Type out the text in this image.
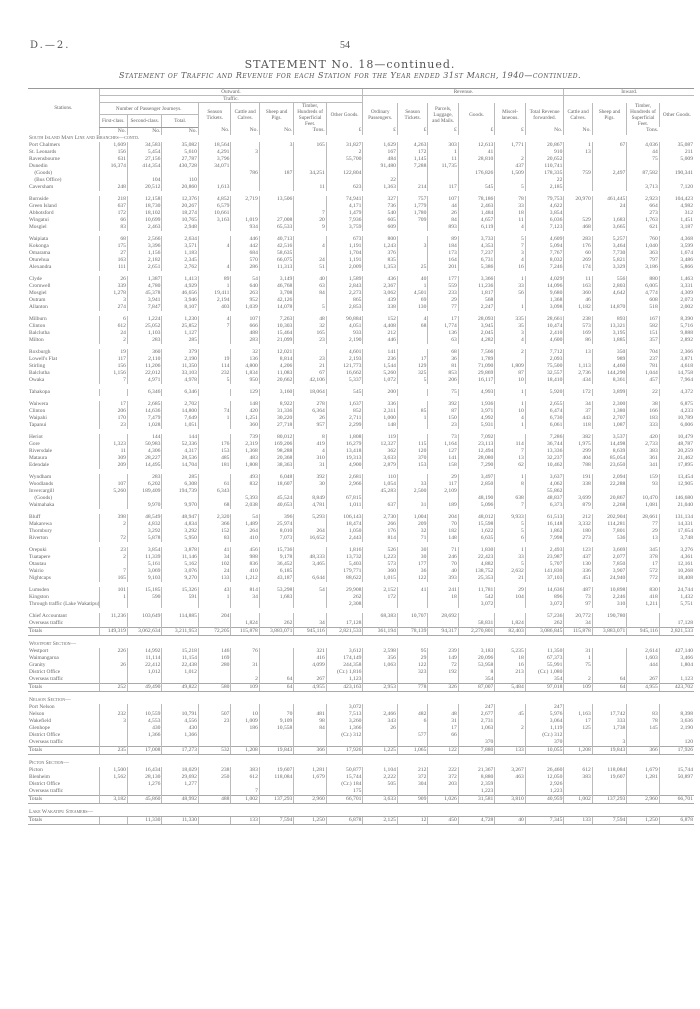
D.—2.	54
STATEMENT No. 18—continued.
Statement of Traffic and Revenue for each Station for the Year ended 31st March, 1940—continued.
Stations.	Outward.								Revenue.						Inward.			
	Traffic.																	
	Number of Passenger Journeys.			Season Tickets.	Cattle and Calves.	Sheep and Pigs.	Timber, Hundreds of Superficial Feet.	Other Goods.	Ordinary Passengers.	Season Tickets.	Parcels, Luggage, and Mails.	Goods.	Miscel-laneous.	Total Revenue forwarded.	Cattle and Calves.	Sheep and Pigs.	Timber, Hundreds of Superficial Feet.	Other Goods.
	First-class.	Second-class.	Total.															
	No.	No.	No.	No.	No.	No.	Tons.	£	£	£	£	£	£	No.	No.		Tons.	
South Island Main Line and Branches—contd.																		
Port Chalmers	1,609	34,583	35,082	18,564		3	165	31,827	1,629	4,263	303	12,613	1,771	20,867	1	67	4,036	35,087
St. Leonards	156	5,454	5,610	4,291	3			2	167	172	1	41		910	13		44	211
Ravensbourne	631	27,156	27,787	3,796				55,700	484	1,145	11	28,810	2	20,652			75	5,009
Dunedin	16,374	414,354	430,728	34,071					91,480	7,288	11,735		437	110,741				
(Goods)					786	187	34,251	122,804				176,826	1,509	178,335	759	2,497	87,582	190,341
(Bus Office)		104	110						22					22				
Caversham	248	20,512	20,860	1,613			11	623	1,363	214	117	545	5	2,185			3,713	7,120

Burnside	218	12,158	12,376	4,852	2,719	13,506		74,941	327	757	107	78,186	78	79,753	20,970	461,445	2,923	104,423
Green Island	637	18,730	20,267	6,579				4,171	736	1,779	44	2,463	33	4,622		24	664	4,982
Abbotsford	172	18,102	18,274	10,661			7	1,479	540	1,780	26	1,484	18	3,854			273	312
Wingatui	66	10,699	10,765	3,163	1,019	27,008	20	7,936	605	709	84	4,657	11	6,036	529	1,683	1,763	1,451
Mosgiel	83	2,463	2,948		934	65,533	9	3,759	609		893	6,119	4	7,123	468	3,665	621	3,187

Waipiata	68	2,566	2,634		446	40,713		673	800		89	3,733	5	4,609	283	5,257	760	4,368
Kokonga	175	3,396	3,571	4	442	42,516	4	1,191	1,243	3	184	4,353	7	5,094	176	3,464	1,040	3,599
Omarama	27	1,156	1,183		684	58,635		1,704	376		173	7,237	3	7,767	60	7,730	363	1,674
Oturehua	163	2,182	2,345		570	66,075	24	1,191	835		164	6,731	4	8,032	269	5,821	797	3,486
Alexandra	111	2,651	2,762	4	286	11,313	51	2,009	1,353	25	201	5,386	16	7,246	174	3,329	3,186	5,866

Clyde	26	1,387	1,413	89	54	3,149	40	1,589	436	40	177	3,366	1	4,029	11	556	880	1,463
Cromwell	339	4,780	4,929	1	640	46,768	63	2,843	2,367	1	559	11,236	33	14,096	163	2,803	6,005	3,331
Mosgiel	1,278	45,378	46,656	19,411	263	3,708	84	2,273	3,062	4,501	233	1,817	56	9,680	360	4,642	4,774	4,309
Outram	3	3,941	3,946	2,194	952	42,126		865	439	69	29	568		1,368	46		608	2,073
Allanton	274	7,847	8,107	403	1,039	14,078	5	2,853	338	130	77	2,247	1	3,098	1,182	14,870	518	2,002

Milburn	6	1,224	1,230	4	107	7,263	48	90,884	152	4	17	28,093	335	28,661	238	893	167	8,390
Clinton	612	25,052	25,852	7	666	10,303	32	4,051	4,408	68	1,774	3,945	35	10,474	573	13,321	582	5,716
Balclutha	24	1,103	1,127		488	15,464	165	933	212		136	2,045	3	2,410	169	3,195	151	9,888
Milton	2	283	285		283	21,099	23	2,190	446		63	4,282	4	4,600	86	1,885	357	2,892

Roxburgh	19	360	379		32	12,021		4,601	141		68	7,566	2	7,712	13	350	704	2,366
Lowell's Flat	117	2,110	2,190	19	136	8,814	23	2,193	236	17	36	1,789		2,093		989	237	3,871
Stirling	156	11,206	11,350	114	4,800	4,206	21	121,773	1,544	129	81	71,090	1,809	75,500	1,113	4,460	781	4,618
Balclutha	1,156	22,012	33,103	232	1,834	11,083	67	16,662	5,260	325	853	29,869	87	32,557	2,736	144,290	1,044	14,758
Owaka	7	4,971	4,978	5	950	20,662	42,106	5,337	1,072	5	206	16,117	10	18,410	434	8,361	457	7,964

Tahakopa		6,346	6,346		129	3,160	18,064	545	200		75	4,993	1	5,920	172	3,899	22	4,372

Waiwera	17	2,685	2,702		148	8,922	278	1,637	336		392	1,936	1	2,655	34	2,300	38	6,875
Clinton	206	14,636	14,800	74	420	31,336	6,364	852	2,311	85	87	3,971	10	6,474	37	1,380	166	4,233
Waipahi	170	7,479	7,649	1	1,251	30,220	26	2,711	1,000	1	150	4,992	4	6,730	443	2,707	183	10,789
Tapanui	23	1,028	1,051		360	27,718	957	2,299	148		23	5,931	1	6,061	118	1,087	333	6,006

Heriot		144	144		739	80,012	8	1,808	119		73	7,092		7,286	382	3,537	420	10,479
Gore	1,323	50,983	52,336	176	2,319	169,206	419	16,279	12,327	115	1,164	23,113	114	36,744	1,975	14,498	2,733	48,787
Riversdale	11	4,306	4,317	153	1,368	98,288	4	13,418	362	120	127	12,494	7	13,336	299	8,639	383	20,259
Mataura	309	28,227	28,536	485	483	20,368	310	19,313	3,633	370	141	28,080	13	32,237	404	85,054	361	21,462
Edendale	209	14,495	14,704	181	1,808	38,363	31	4,900	2,879	153	158	7,290	62	10,462	788	23,650	341	17,895

Wyndham		283	285		493	6,048	392	2,681	110		29	3,497	1	3,637	191	2,094	159	13,454
Woodlands	107	6,202	6,308	61	832	18,607	30	2,966	1,054	33	117	2,850	8	4,062	338	22,288	93	12,905
Invercargill	5,260	189,409	194,739	6,343					45,283	2,500	2,109			55,862				
(Goods)					5,393	45,524	8,849	67,815				48,190	638	48,837	3,699	20,867	10,470	146,680
Waimahaka		9,970	9,970	68	2,038	40,653	4,781	1,011	637	31	189	5,096	7	6,373	879	2,268	1,081	21,040

Bluff	398	48,549	48,947	2,320	54	396	5,293	106,143	2,730	1,004	204	48,012	9,933	61,513	212	202,904	28,661	131,134
Makarewa	2	4,832	4,834	366	1,489	25,974		18,474	266	209	70	15,598	5	16,148	3,332	114,281	77	14,331
Thornbury		3,292	3,292	152	264	8,010	264	1,050	176	32	182	1,622	5	1,862	180	7,801	29	17,654
Riverton	72	5,878	5,950	83	410	7,073	16,652	2,443	814	71	148	6,635	6	7,998	273	536	13	3,748

Orepuki	23	3,854	3,878	41	456	15,736		1,816	526	30	71	1,830	1	2,493	123	3,669	345	3,276
Tuatapere	2	11,339	11,146	34	988	9,178	48,333	13,732	1,223	30	246	22,423	33	23,987	437	2,077	378	4,361
Otautau		5,161	5,162	102	836	36,452	3,465	5,403	573	177	70	4,882	5	5,707	130	7,850	17	12,161
Wairio	7	3,069	3,076	24	410	6,185		179,771	360	36	40	138,752	2,632	141,830	336	3,907	572	10,268
Nightcaps	165	9,103	9,270	133	1,212	43,187	6,644	88,622	1,015	122	393	25,353	21	37,103	451	24,940	772	18,408

Lumsden	101	15,185	15,326	43	814	53,298	54	29,908	2,152	41	241	11,781	29	14,636	487	10,898	830	24,744
Kingston	1	590	591	1	34	1,683		262	172		18	542	104	896	73	2,246	418	1,432
Through traffic (Lake Wakatipu)								2,308				3,072		3,072	97	310	1,211	5,751

Chief Accountant	11,236	103,649	114,885	204					68,383	10,707	28,692			57,236	20,772	190,780		
Overseas traffic					1,824	262	34	17,128				58,831	1,824	262	34			17,128
Totals	149,319	3,062,634	3,211,953	72,205	115,878	3,883,071	945,116	2,821,533	361,194	78,139	94,317	2,270,801	82,403	3,086,845	115,878	3,883,071	945,116	2,821,533

Westport Section—																		
Westport	226	14,992	15,218	146	76		321	3,612	2,598	95	239	3,183	5,235	11,350	31		2,614	427,140
Waimangaroa		11,114	11,154	169			416	174,149	356	29	149	20,096	18	67,373	1		1,603	3,466
Granity	26	22,412	22,438	280	31		4,099	244,358	1,063	122	72	53,958	16	55,991	75		444	1,804
District Office		1,012	1,012					(Cr.) 1,816		323	192	8	213	(Cr.) 1,080				
Overseas traffic					2	64	267	1,123				354		354	2	64	267	1,123
Totals	252	49,490	49,822	580	109	64	4,955	423,163	2,953	778	326	87,007	5,484	97,018	109	64	4,955	423,702

Nelson Section—																		
Port Nelson								3,072				247		247				
Nelson	232	10,559	10,791	507	10	70	481	7,513	2,466	482	48	2,677	45	5,976	1,163	17,742	83	8,398
Wakefield	3	4,553	4,556	23	1,009	9,109	98	3,260	343	6	31	2,731		3,064	17	333	78	3,636
Glenhope		430	430		186	10,558	84	1,366	26		17	1,063	2	1,119	125	1,738	145	2,190
District Office		1,366	1,366					(Cr.) 312		577	66			(Cr.) 312				
Overseas traffic												370		370		3		120
Totals	235	17,008	17,273	532	1,208	19,843	366	17,926	1,225	1,065	122	7,880	133	10,055	1,208	19,843	366	17,926

Picton Section—																		
Picton	1,500	16,434	18,029	238	383	19,607	1,281	50,877	1,104	212	222	21,367	3,267	26,460	612	118,084	1,679	15,744
Blenheim	1,562	28,130	29,692	250	612	118,084	1,679	15,744	2,222	372	372	8,880	463	12,050	383	19,607	1,281	50,897
District Office		1,276	1,277					(Cr.) 184	505	304	203	2,359		2,926				
Overseas traffic					7			175				1,223		1,223				
Totals	3,182	45,860	48,992	488	1,002	137,293	2,960	66,701	3,633	909	1,026	31,581	3,810	40,959	1,002	137,293	2,960	66,701

Lake Wakatipu Steamers—																		
Totals		11,330	11,330		133	7,594	1,250	6,878	2,125	12	450	4,728	40	7,345	133	7,594	1,250	6,878
